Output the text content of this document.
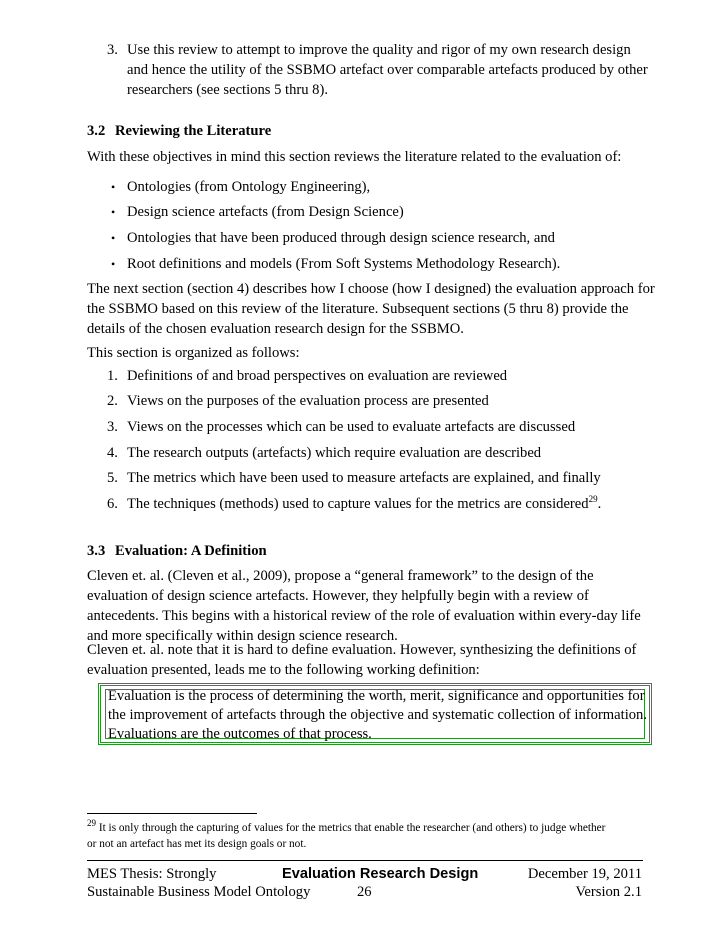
3. Use this review to attempt to improve the quality and rigor of my own research design
and hence the utility of the SSBMO artefact over comparable artefacts produced by other
researchers (see sections 5 thru 8).
3.2 Reviewing the Literature

With these objectives in mind this section reviews the literature related to the evaluation of:

• Ontologies (from Ontology Engineering),
• Design science artefacts (from Design Science)
• Ontologies that have been produced through design science research, and
• Root definitions and models (From Soft Systems Methodology Research).

The next section (section 4) describes how I choose (how I designed) the evaluation approach for
the SSBMO based on this review of the literature. Subsequent sections (5 thru 8) provide the
details of the chosen evaluation research design for the SSBMO.

This section is organized as follows:

1. Definitions of and broad perspectives on evaluation are reviewed
2. Views on the purposes of the evaluation process are presented
3. Views on the processes which can be used to evaluate artefacts are discussed
4. The research outputs (artefacts) which require evaluation are described
5. The metrics which have been used to measure artefacts are explained, and finally
6. The techniques (methods) used to capture values for the metrics are considered$^{29}$.
3.3 Evaluation: A Definition

Cleven et. al. (Cleven et al., 2009), propose a “general framework” to the design of the
evaluation of design science artefacts. However, they helpfully begin with a review of
antecedents. This begins with a historical review of the role of evaluation within every-day life
and more specifically within design science research.

Cleven et. al. note that it is hard to define evaluation. However, synthesizing the definitions of
evaluation presented, leads me to the following working definition:

Evaluation is the process of determining the worth, merit, significance and opportunities for
the improvement of artefacts through the objective and systematic collection of information.
Evaluations are the outcomes of that process.

$^{29}$ It is only through the capturing of values for the metrics that enable the researcher (and others) to judge whether
or not an artefact has met its design goals or not.

MES Thesis: Strongly
Sustainable Business Model Ontology
Evaluation Research Design
26
December 19, 2011
Version 2.1
